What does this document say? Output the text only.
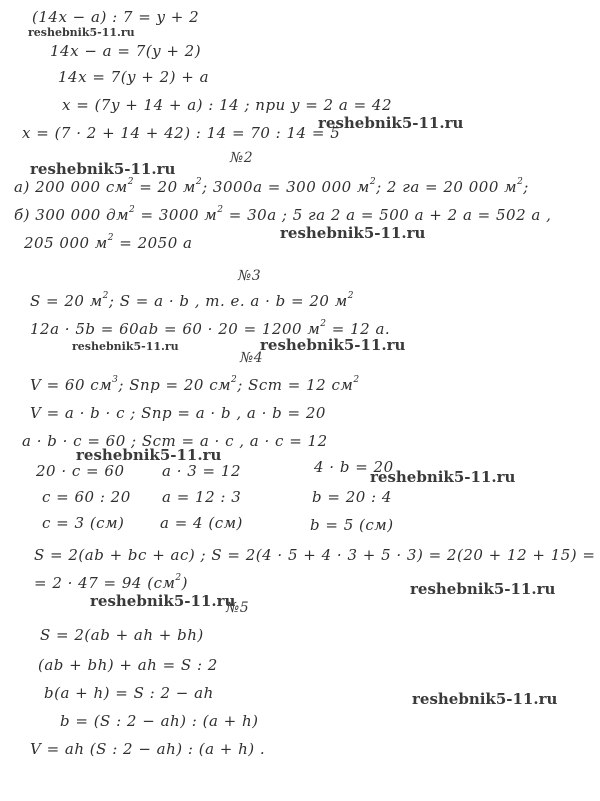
(14x − a) : 7 = y + 2
14x − a = 7(y + 2)
14x = 7(y + 2) + a
x = (7y + 14 + a) : 14 ; при y = 2 a = 42
x = (7 · 2 + 14 + 42) : 14 = 70 : 14 = 5
№2
а) 200 000 $см^2 = 20$ $м^2$; 3000a = 300 000 $м^2$; 2 га = 20 000 $м^2$;
б) 300 000 $дм^2 = 3000$ $м^2 = 30a$ ; 5 га 2 a = 500 a + 2 a = 502 a ,
205 000 $м^2 = 2050$ a
№3
S = 20 $м^2$; S = a · b , т. е. a · b = 20 $м^2$
12a · 5b = 60ab = 60 · 20 = 1200 $м^2 = 12$ a.
№4
V = 60 $см^3$; Sпр = 20 $см^2$; Sст = 12 $см^2$
V = a · b · c ; Sпр = a · b , a · b = 20
a · b · c = 60 ; Sст = a · c , a · c = 12
20 · c = 60
c = 60 : 20
c = 3 (см)
a · 3 = 12
a = 12 : 3
a = 4 (см)
4 · b = 20
b = 20 : 4
b = 5 (см)
S = 2(ab + bc + ac) ; S = 2(4 · 5 + 4 · 3 + 5 · 3) = 2(20 + 12 + 15) =
= 2 · 47 = 94 $(см^2)$
№5
S = 2(ab + ah + bh)
(ab + bh) + ah = S : 2
b(a + h) = S : 2 − ah
b = (S : 2 − ah) : (a + h)
V = ah (S : 2 − ah) : (a + h) .
reshebnik5-11.ru
reshebnik5-11.ru
reshebnik5-11.ru
reshebnik5-11.ru
reshebnik5-11.ru	reshebnik5-11.ru
reshebnik5-11.ru
reshebnik5-11.ru
reshebnik5-11.ru
reshebnik5-11.ru
reshebnik5-11.ru
